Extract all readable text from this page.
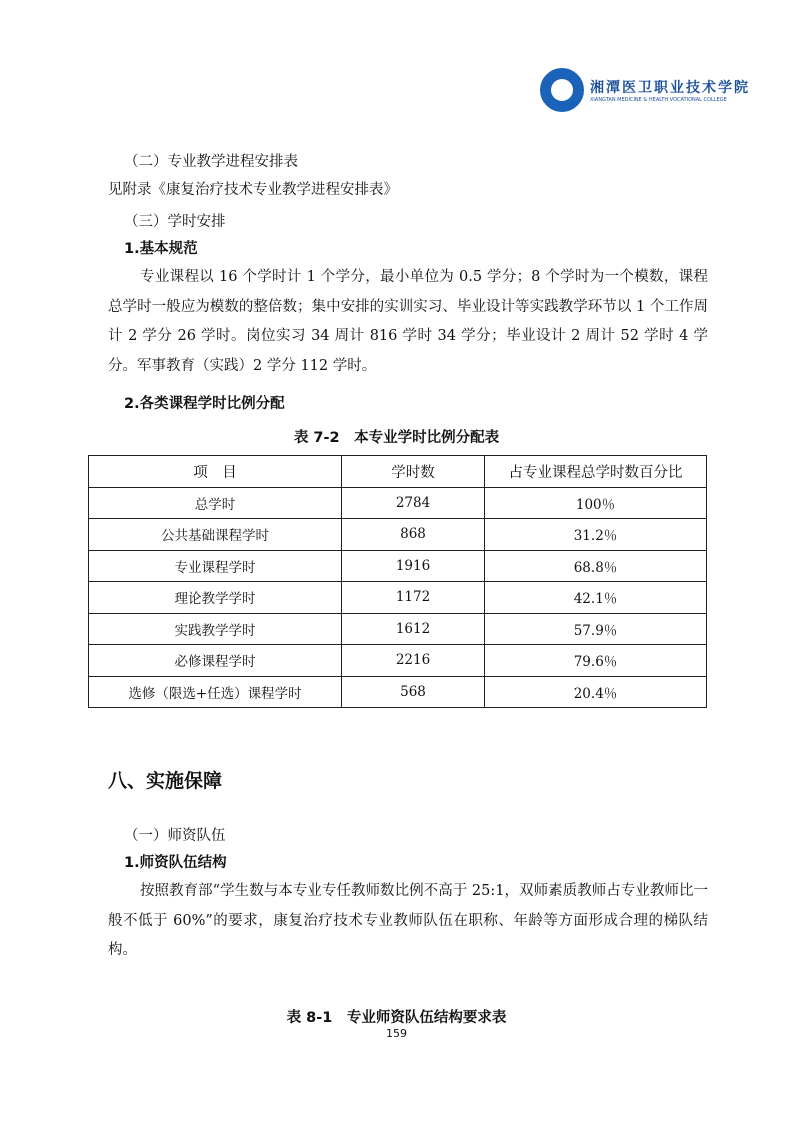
湘潭医卫职业技术学院
XIANGTAN MEDICINE & HEALTH VOCATIONAL COLLEGE
（二）专业教学进程安排表
见附录《康复治疗技术专业教学进程安排表》
（三）学时安排
1.基本规范
专业课程以 16 个学时计 1 个学分，最小单位为 0.5 学分；8 个学时为一个模数，课程总学时一般应为模数的整倍数；集中安排的实训实习、毕业设计等实践教学环节以 1 个工作周计 2 学分 26 学时。岗位实习 34 周计 816 学时 34 学分；毕业设计 2 周计 52 学时 4 学分。军事教育（实践）2 学分 112 学时。
2.各类课程学时比例分配
表 7-2　本专业学时比例分配表
项　目	学时数	占专业课程总学时数百分比
总学时	2784	100％
公共基础课程学时	868	31.2％
专业课程学时	1916	68.8％
理论教学学时	1172	42.1％
实践教学学时	1612	57.9％
必修课程学时	2216	79.6％
选修（限选+任选）课程学时	568	20.4％
八、实施保障
（一）师资队伍
1.师资队伍结构
按照教育部“学生数与本专业专任教师数比例不高于 25:1，双师素质教师占专业教师比一般不低于 60%”的要求，康复治疗技术专业教师队伍在职称、年龄等方面形成合理的梯队结构。
表 8-1　专业师资队伍结构要求表
159
